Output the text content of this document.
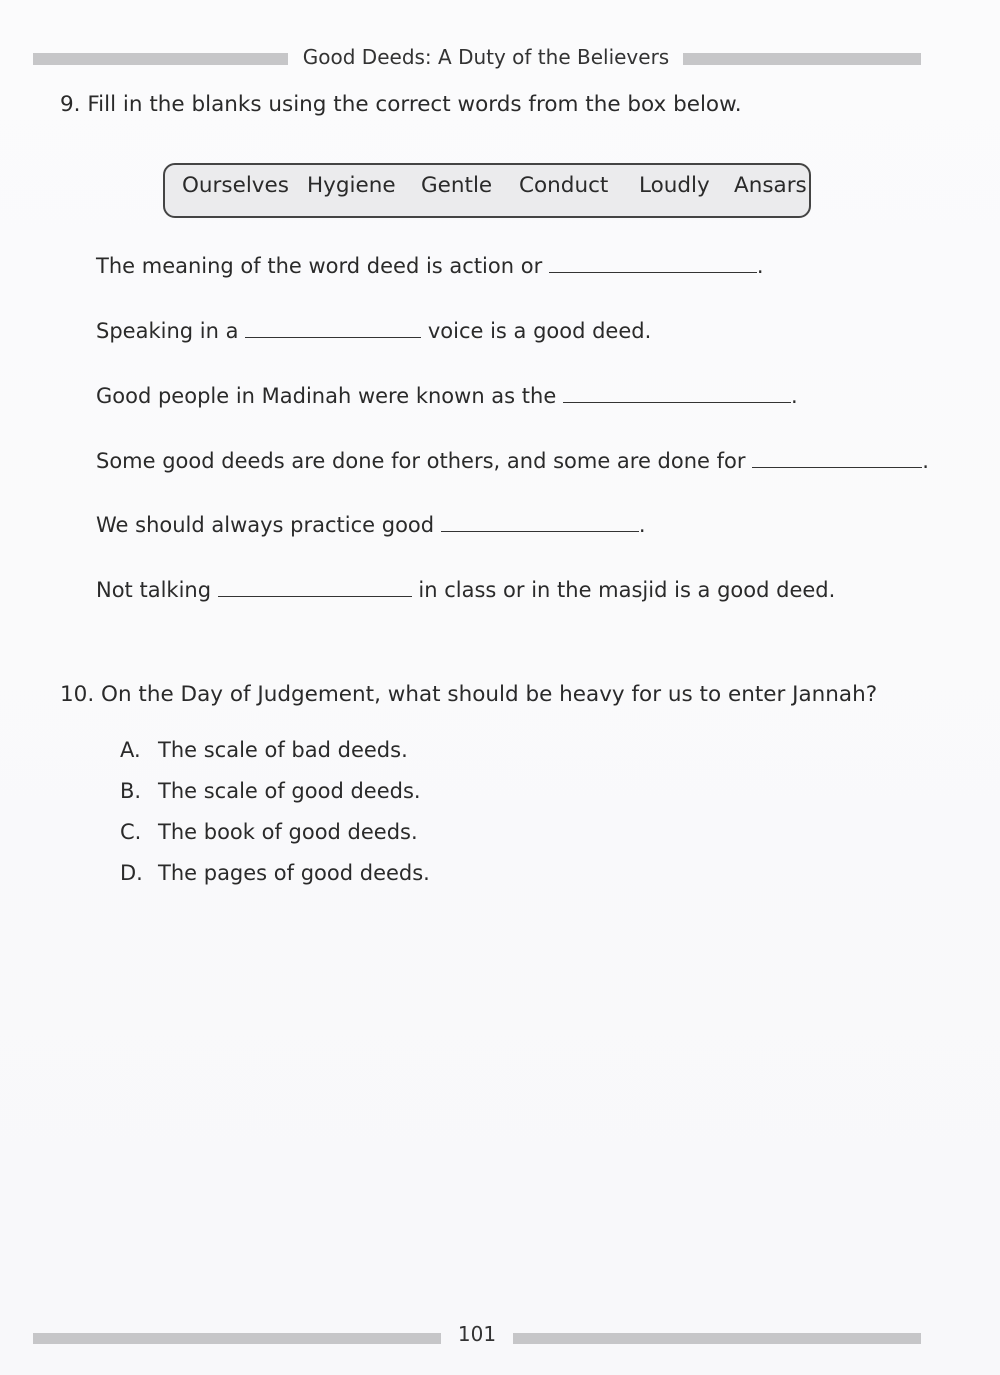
Good Deeds: A Duty of the Believers
9. Fill in the blanks using the correct words from the box below.
Ourselves Hygiene Gentle Conduct Loudly Ansars
The meaning of the word deed is action or	.
Speaking in a	voice is a good deed.
Good people in Madinah were known as the	.
Some good deeds are done for others, and some are done for	.
We should always practice good	.
Not talking	in class or in the masjid is a good deed.
10. On the Day of Judgement, what should be heavy for us to enter Jannah?
A. The scale of bad deeds.
B. The scale of good deeds.
C. The book of good deeds.
D. The pages of good deeds.
101
